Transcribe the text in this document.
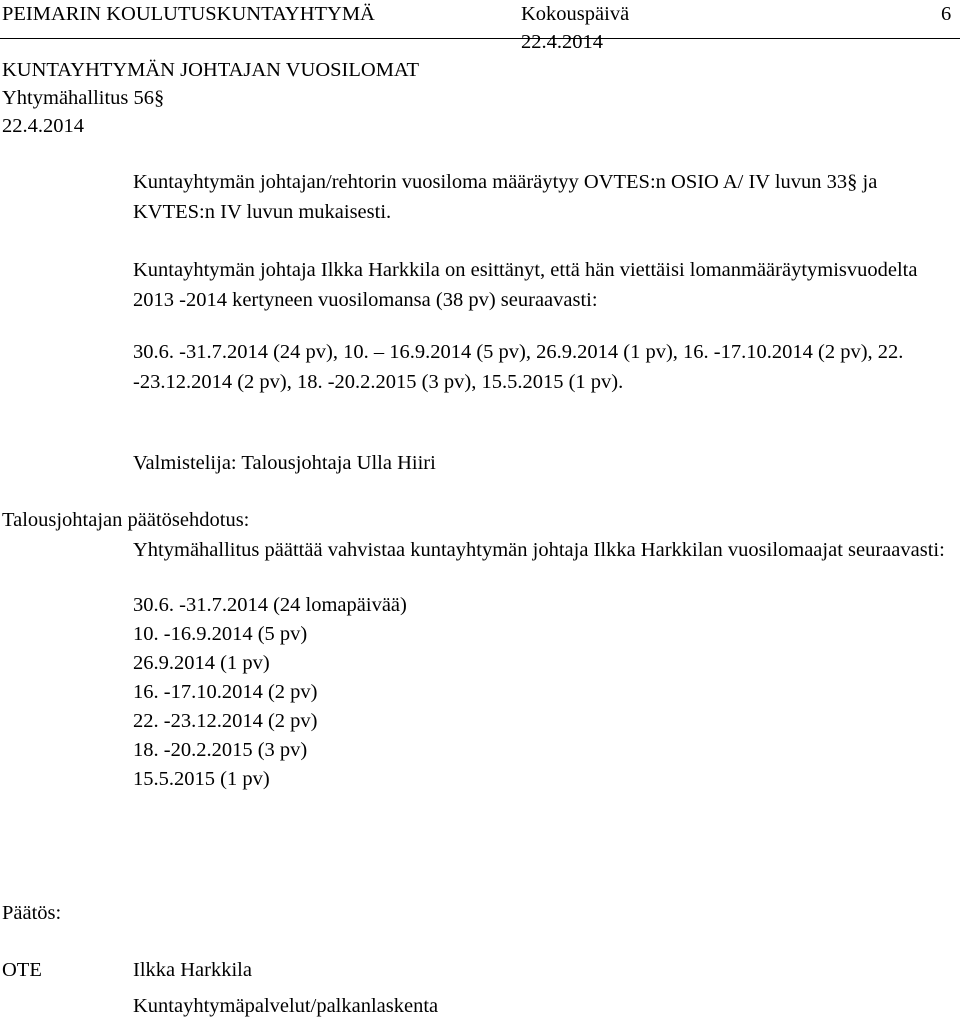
PEIMARIN KOULUTUSKUNTAYHTYMÄ	Kokouspäivä	6
22.4.2014
KUNTAYHTYMÄN JOHTAJAN VUOSILOMAT
Yhtymähallitus 56§
22.4.2014
Kuntayhtymän johtajan/rehtorin vuosiloma määräytyy OVTES:n OSIO A/ IV luvun 33§ ja KVTES:n IV luvun mukaisesti.
Kuntayhtymän johtaja Ilkka Harkkila on esittänyt, että hän viettäisi lomanmääräytymisvuodelta 2013 -2014 kertyneen vuosilomansa (38 pv) seuraavasti:
30.6. -31.7.2014 (24 pv), 10. – 16.9.2014 (5 pv), 26.9.2014 (1 pv), 16. -17.10.2014 (2 pv), 22. -23.12.2014 (2 pv), 18. -20.2.2015 (3 pv), 15.5.2015 (1 pv).
Valmistelija: Talousjohtaja Ulla Hiiri
Talousjohtajan päätösehdotus:
Yhtymähallitus päättää vahvistaa kuntayhtymän johtaja Ilkka Harkkilan vuosilomaajat seuraavasti:
30.6. -31.7.2014 (24 lomapäivää)
10. -16.9.2014 (5 pv)
26.9.2014 (1 pv)
16. -17.10.2014 (2 pv)
22. -23.12.2014 (2 pv)
18. -20.2.2015 (3 pv)
15.5.2015 (1 pv)
Päätös:
OTE	Ilkka Harkkila
Kuntayhtymäpalvelut/palkanlaskenta
